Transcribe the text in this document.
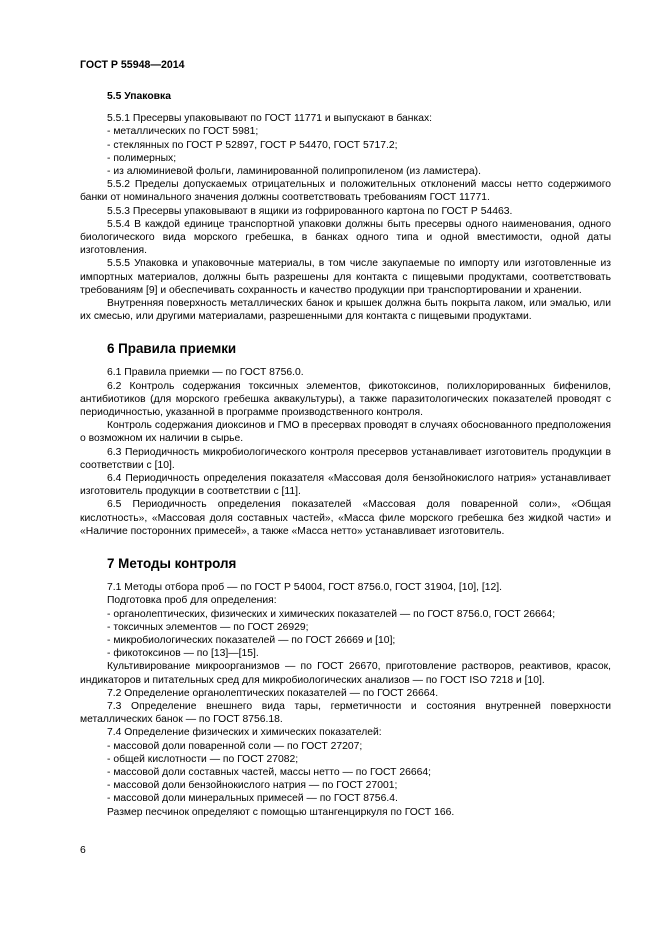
ГОСТ Р 55948—2014
5.5 Упаковка

5.5.1 Пресервы упаковывают по ГОСТ 11771 и выпускают в банках:

- металлических по ГОСТ 5981;

- стеклянных по ГОСТ Р 52897, ГОСТ Р 54470, ГОСТ 5717.2;

- полимерных;

- из алюминиевой фольги, ламинированной полипропиленом (из ламистера).

5.5.2 Пределы допускаемых отрицательных и положительных отклонений массы нетто содержимого банки от номинального значения должны соответствовать требованиям ГОСТ 11771.

5.5.3 Пресервы упаковывают в ящики из гофрированного картона по ГОСТ Р 54463.

5.5.4 В каждой единице транспортной упаковки должны быть пресервы одного наименования, одного биологического вида морского гребешка, в банках одного типа и одной вместимости, одной даты изготовления.

5.5.5 Упаковка и упаковочные материалы, в том числе закупаемые по импорту или изготовленные из импортных материалов, должны быть разрешены для контакта с пищевыми продуктами, соответствовать требованиям [9] и обеспечивать сохранность и качество продукции при транспортировании и хранении.

Внутренняя поверхность металлических банок и крышек должна быть покрыта лаком, или эмалью, или их смесью, или другими материалами, разрешенными для контакта с пищевыми продуктами.

6 Правила приемки

6.1 Правила приемки — по ГОСТ 8756.0.

6.2 Контроль содержания токсичных элементов, фикотоксинов, полихлорированных бифенилов, антибиотиков (для морского гребешка аквакультуры), а также паразитологических показателей проводят с периодичностью, указанной в программе производственного контроля.

Контроль содержания диоксинов и ГМО в пресервах проводят в случаях обоснованного предположения о возможном их наличии в сырье.

6.3 Периодичность микробиологического контроля пресервов устанавливает изготовитель продукции в соответствии с [10].

6.4 Периодичность определения показателя «Массовая доля бензойнокислого натрия» устанавливает изготовитель продукции в соответствии с [11].

6.5 Периодичность определения показателей «Массовая доля поваренной соли», «Общая кислотность», «Массовая доля составных частей», «Масса филе морского гребешка без жидкой части» и «Наличие посторонних примесей», а также «Масса нетто» устанавливает изготовитель.

7 Методы контроля

7.1 Методы отбора проб — по ГОСТ Р 54004, ГОСТ 8756.0, ГОСТ 31904, [10], [12].

Подготовка проб для определения:

- органолептических, физических и химических показателей — по ГОСТ 8756.0, ГОСТ 26664;

- токсичных элементов — по ГОСТ 26929;

- микробиологических показателей — по ГОСТ 26669 и [10];

- фикотоксинов — по [13]—[15].

Культивирование микроорганизмов — по ГОСТ 26670, приготовление растворов, реактивов, красок, индикаторов и питательных сред для микробиологических анализов — по ГОСТ ISO 7218 и [10].

7.2 Определение органолептических показателей — по ГОСТ 26664.

7.3 Определение внешнего вида тары, герметичности и состояния внутренней поверхности металлических банок — по ГОСТ 8756.18.

7.4 Определение физических и химических показателей:

- массовой доли поваренной соли — по ГОСТ 27207;

- общей кислотности — по ГОСТ 27082;

- массовой доли составных частей, массы нетто — по ГОСТ 26664;

- массовой доли бензойнокислого натрия — по ГОСТ 27001;

- массовой доли минеральных примесей — по ГОСТ 8756.4.

Размер песчинок определяют с помощью штангенциркуля по ГОСТ 166.

6
